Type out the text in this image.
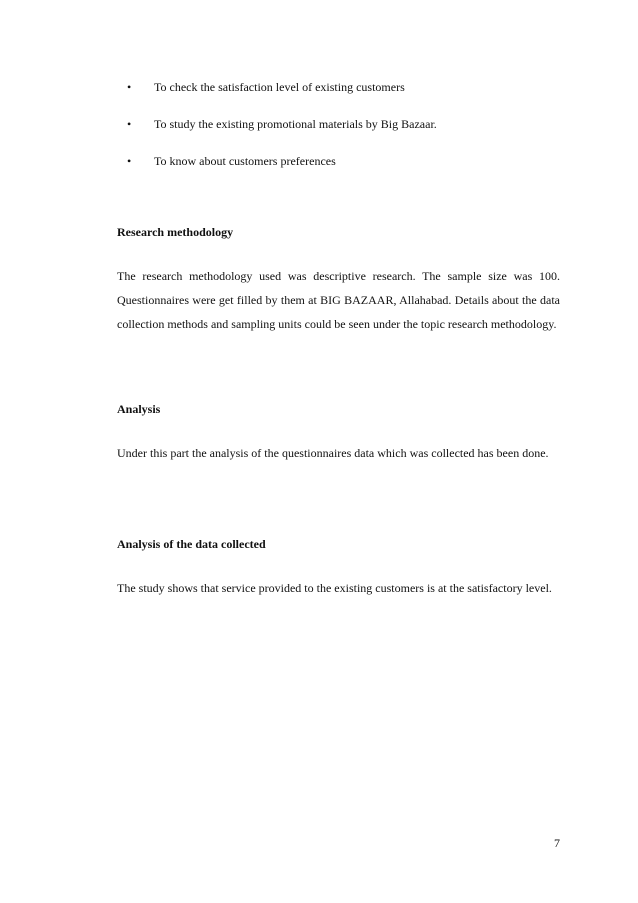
•	To check the satisfaction level of existing customers
•	To study the existing promotional materials by Big Bazaar.
•	To know about customers preferences
Research methodology
The research methodology used was descriptive research. The sample size was 100. Questionnaires were get filled by them at BIG BAZAAR, Allahabad. Details about the data collection methods and sampling units could be seen under the topic research methodology.
Analysis
Under this part the analysis of the questionnaires data which was collected has been done.
Analysis of the data collected
The study shows that service provided to the existing customers is at the satisfactory level.
7
